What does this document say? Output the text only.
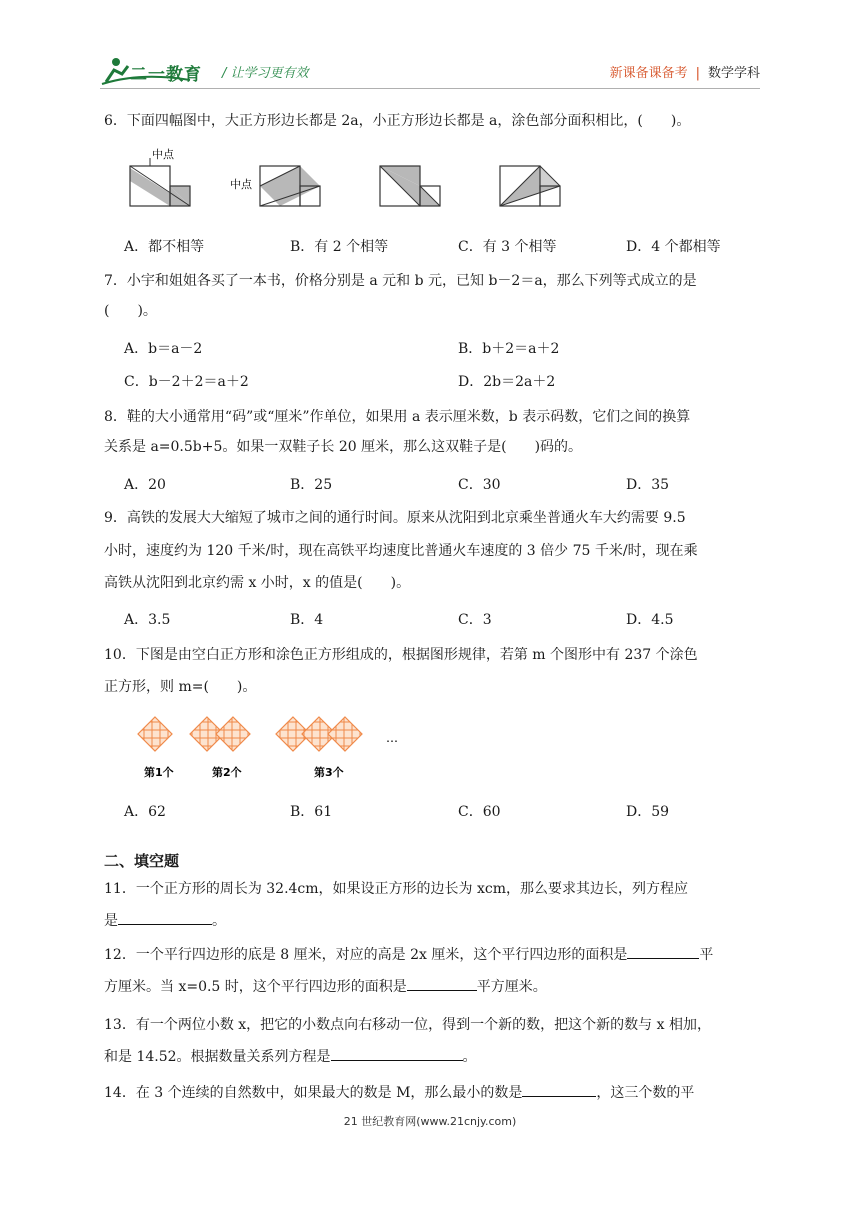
二一教育 / 让学习更有效	新课备课备考 | 数学学科
6．下面四幅图中，大正方形边长都是 2a，小正方形边长都是 a，涂色部分面积相比，(　　)。
中点
中点
A．都不相等	B．有 2 个相等	C．有 3 个相等	D．4 个都相等
7．小宇和姐姐各买了一本书，价格分别是 a 元和 b 元，已知 b－2＝a，那么下列等式成立的是
(　　)。
A．b＝a－2	B．b＋2＝a＋2
C．b－2＋2＝a＋2	D．2b＝2a＋2
8．鞋的大小通常用“码”或“厘米”作单位，如果用 a 表示厘米数，b 表示码数，它们之间的换算
关系是 a=0.5b+5。如果一双鞋子长 20 厘米，那么这双鞋子是(　　)码的。
A．20	B．25	C．30	D．35
9．高铁的发展大大缩短了城市之间的通行时间。原来从沈阳到北京乘坐普通火车大约需要 9.5
小时，速度约为 120 千米/时，现在高铁平均速度比普通火车速度的 3 倍少 75 千米/时，现在乘
高铁从沈阳到北京约需 x 小时，x 的值是(　　)。
A．3.5	B．4	C．3	D．4.5
10．下图是由空白正方形和涂色正方形组成的，根据图形规律，若第 m 个图形中有 237 个涂色
正方形，则 m=(　　)。
第1个	第2个	第3个
…
A．62	B．61	C．60	D．59
二、填空题
11．一个正方形的周长为 32.4cm，如果设正方形的边长为 xcm，那么要求其边长，列方程应
是	。
12．一个平行四边形的底是 8 厘米，对应的高是 2x 厘米，这个平行四边形的面积是	平
方厘米。当 x=0.5 时，这个平行四边形的面积是	平方厘米。
13．有一个两位小数 x，把它的小数点向右移动一位，得到一个新的数，把这个新的数与 x 相加，
和是 14.52。根据数量关系列方程是	。
14．在 3 个连续的自然数中，如果最大的数是 M，那么最小的数是	，这三个数的平
21 世纪教育网(www.21cnjy.com)
